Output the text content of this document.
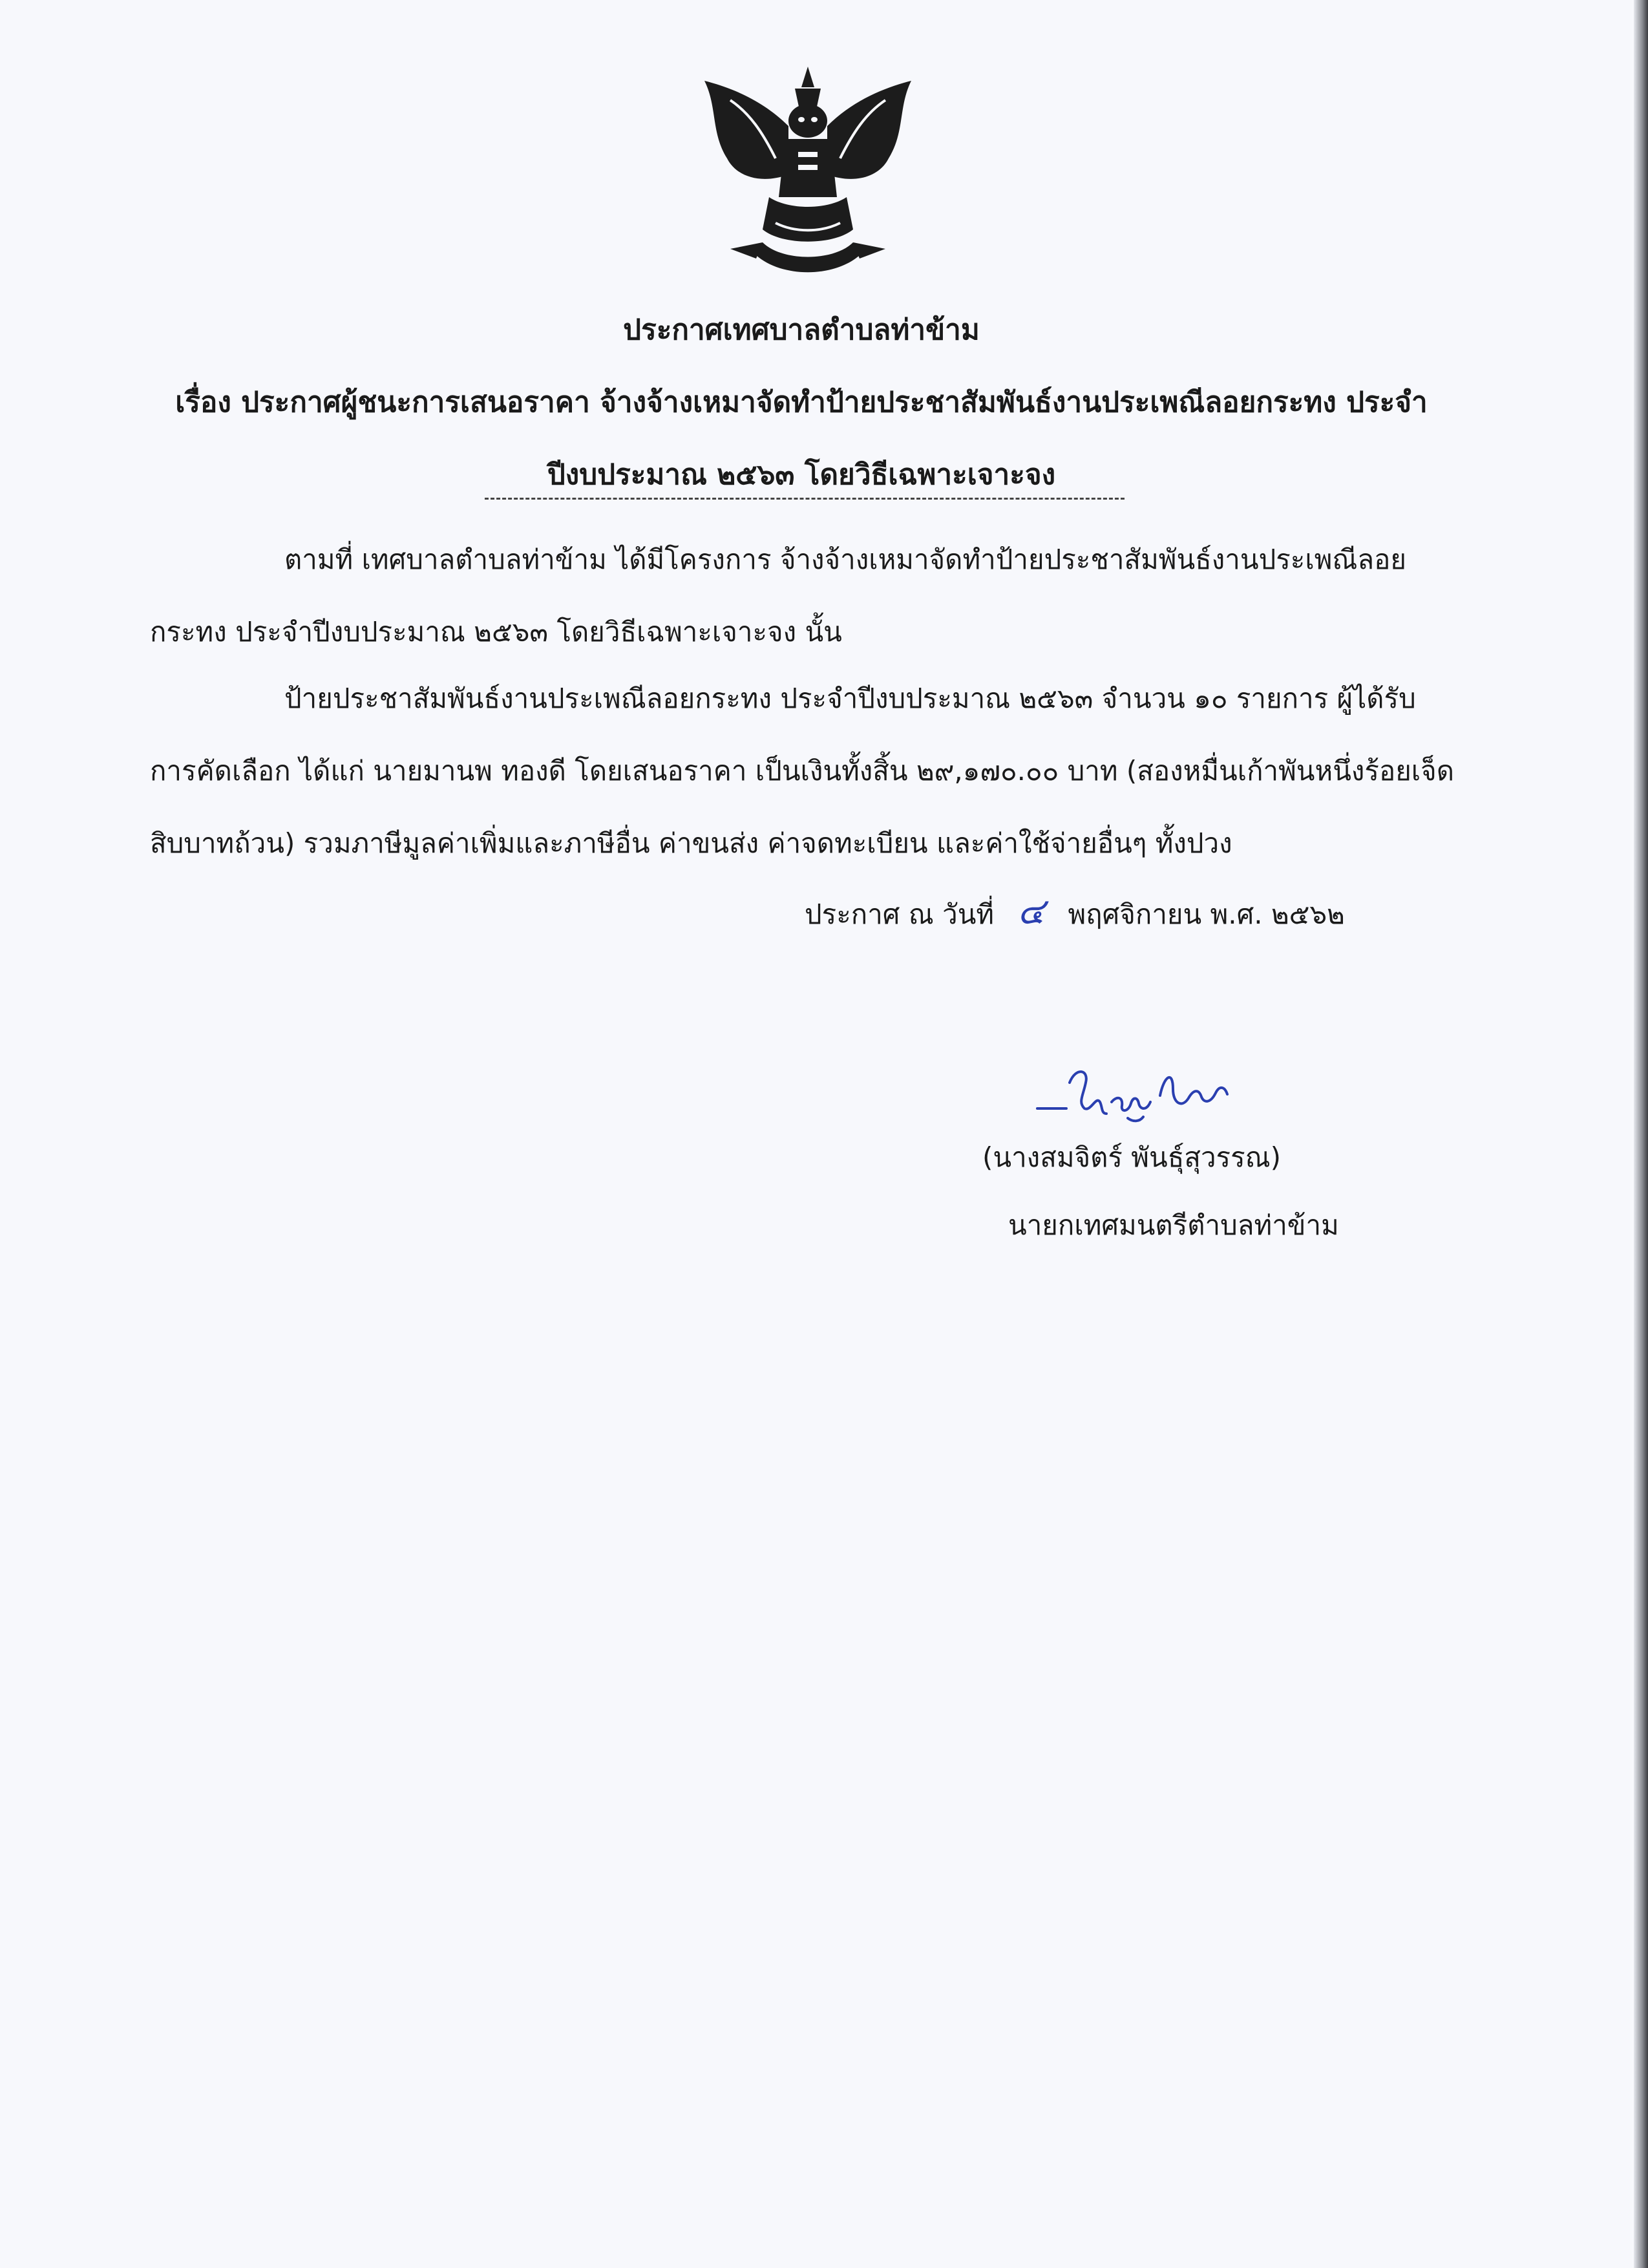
ประกาศเทศบาลตำบลท่าข้าม
เรื่อง ประกาศผู้ชนะการเสนอราคา จ้างจ้างเหมาจัดทำป้ายประชาสัมพันธ์งานประเพณีลอยกระทง ประจำ
ปีงบประมาณ ๒๕๖๓ โดยวิธีเฉพาะเจาะจง
ตามที่ เทศบาลตำบลท่าข้าม ได้มีโครงการ จ้างจ้างเหมาจัดทำป้ายประชาสัมพันธ์งานประเพณีลอย
กระทง ประจำปีงบประมาณ ๒๕๖๓ โดยวิธีเฉพาะเจาะจง นั้น
ป้ายประชาสัมพันธ์งานประเพณีลอยกระทง ประจำปีงบประมาณ ๒๕๖๓ จำนวน ๑๐ รายการ ผู้ได้รับ
การคัดเลือก ได้แก่ นายมานพ ทองดี โดยเสนอราคา เป็นเงินทั้งสิ้น ๒๙,๑๗๐.๐๐ บาท (สองหมื่นเก้าพันหนึ่งร้อยเจ็ด
สิบบาทถ้วน) รวมภาษีมูลค่าเพิ่มและภาษีอื่น ค่าขนส่ง ค่าจดทะเบียน และค่าใช้จ่ายอื่นๆ ทั้งปวง
ประกาศ ณ วันที่ ๔ พฤศจิกายน พ.ศ. ๒๕๖๒
(นางสมจิตร์ พันธุ์สุวรรณ)
นายกเทศมนตรีตำบลท่าข้าม
